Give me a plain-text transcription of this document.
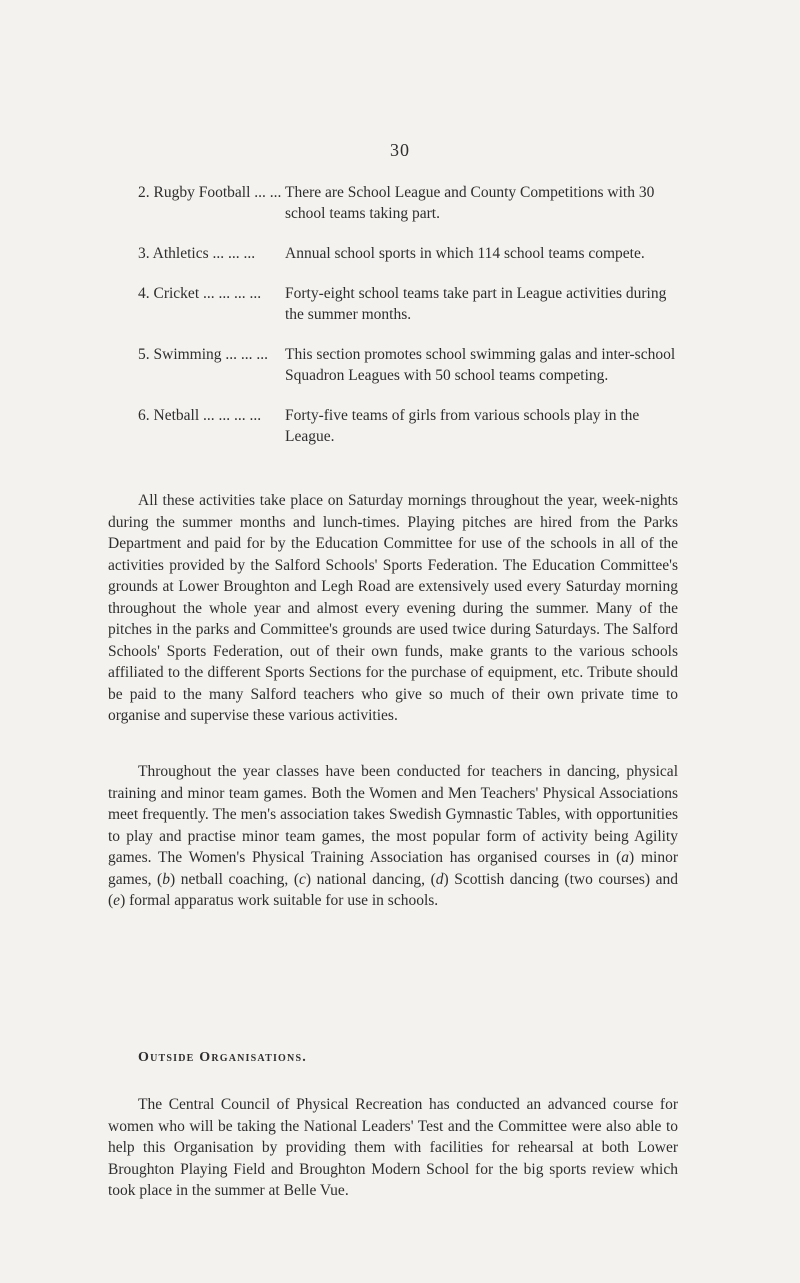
30
2. Rugby Football ... ... There are School League and County Competitions with 30 school teams taking part.
3. Athletics ... ... ...	Annual school sports in which 114 school teams compete.
4. Cricket ... ... ... ...	Forty-eight school teams take part in League activities during the summer months.
5. Swimming ... ... ...	This section promotes school swimming galas and inter-school Squadron Leagues with 50 school teams competing.
6. Netball ... ... ... ...	Forty-five teams of girls from various schools play in the League.

All these activities take place on Saturday mornings throughout the year, week-nights during the summer months and lunch-times. Playing pitches are hired from the Parks Department and paid for by the Education Committee for use of the schools in all of the activities provided by the Salford Schools' Sports Federation. The Education Committee's grounds at Lower Broughton and Legh Road are extensively used every Saturday morning throughout the whole year and almost every evening during the summer. Many of the pitches in the parks and Committee's grounds are used twice during Saturdays. The Salford Schools' Sports Federation, out of their own funds, make grants to the various schools affiliated to the different Sports Sections for the purchase of equipment, etc. Tribute should be paid to the many Salford teachers who give so much of their own private time to organise and supervise these various activities.

Throughout the year classes have been conducted for teachers in dancing, physical training and minor team games. Both the Women and Men Teachers' Physical Associations meet frequently. The men's association takes Swedish Gymnastic Tables, with opportunities to play and practise minor team games, the most popular form of activity being Agility games. The Women's Physical Training Association has organised courses in (a) minor games, (b) netball coaching, (c) national dancing, (d) Scottish dancing (two courses) and (e) formal apparatus work suitable for use in schools.

Outside Organisations.

The Central Council of Physical Recreation has conducted an advanced course for women who will be taking the National Leaders' Test and the Committee were also able to help this Organisation by providing them with facilities for rehearsal at both Lower Broughton Playing Field and Broughton Modern School for the big sports review which took place in the summer at Belle Vue.
